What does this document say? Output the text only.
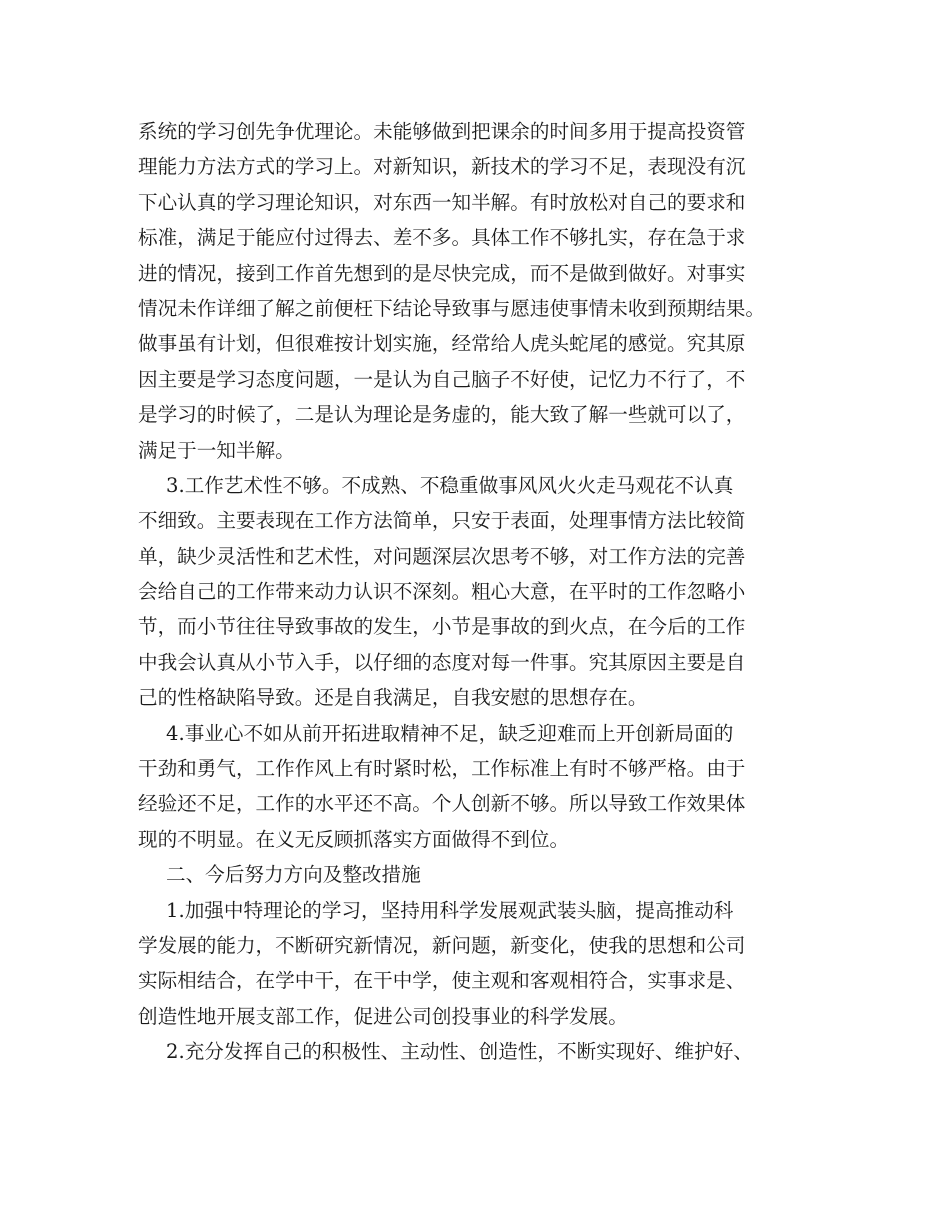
系统的学习创先争优理论。未能够做到把课余的时间多用于提高投资管
理能力方法方式的学习上。对新知识，新技术的学习不足，表现没有沉
下心认真的学习理论知识，对东西一知半解。有时放松对自己的要求和
标准，满足于能应付过得去、差不多。具体工作不够扎实，存在急于求
进的情况，接到工作首先想到的是尽快完成，而不是做到做好。对事实
情况未作详细了解之前便枉下结论导致事与愿违使事情未收到预期结果。
做事虽有计划，但很难按计划实施，经常给人虎头蛇尾的感觉。究其原
因主要是学习态度问题，一是认为自己脑子不好使，记忆力不行了，不
是学习的时候了，二是认为理论是务虚的，能大致了解一些就可以了，
满足于一知半解。
3.工作艺术性不够。不成熟、不稳重做事风风火火走马观花不认真
不细致。主要表现在工作方法简单，只安于表面，处理事情方法比较简
单，缺少灵活性和艺术性，对问题深层次思考不够，对工作方法的完善
会给自己的工作带来动力认识不深刻。粗心大意，在平时的工作忽略小
节，而小节往往导致事故的发生，小节是事故的到火点，在今后的工作
中我会认真从小节入手，以仔细的态度对每一件事。究其原因主要是自
己的性格缺陷导致。还是自我满足，自我安慰的思想存在。
4.事业心不如从前开拓进取精神不足，缺乏迎难而上开创新局面的
干劲和勇气，工作作风上有时紧时松，工作标准上有时不够严格。由于
经验还不足，工作的水平还不高。个人创新不够。所以导致工作效果体
现的不明显。在义无反顾抓落实方面做得不到位。
二、今后努力方向及整改措施
1.加强中特理论的学习，坚持用科学发展观武装头脑，提高推动科
学发展的能力，不断研究新情况，新问题，新变化，使我的思想和公司
实际相结合，在学中干，在干中学，使主观和客观相符合，实事求是、
创造性地开展支部工作，促进公司创投事业的科学发展。
2.充分发挥自己的积极性、主动性、创造性，不断实现好、维护好、
